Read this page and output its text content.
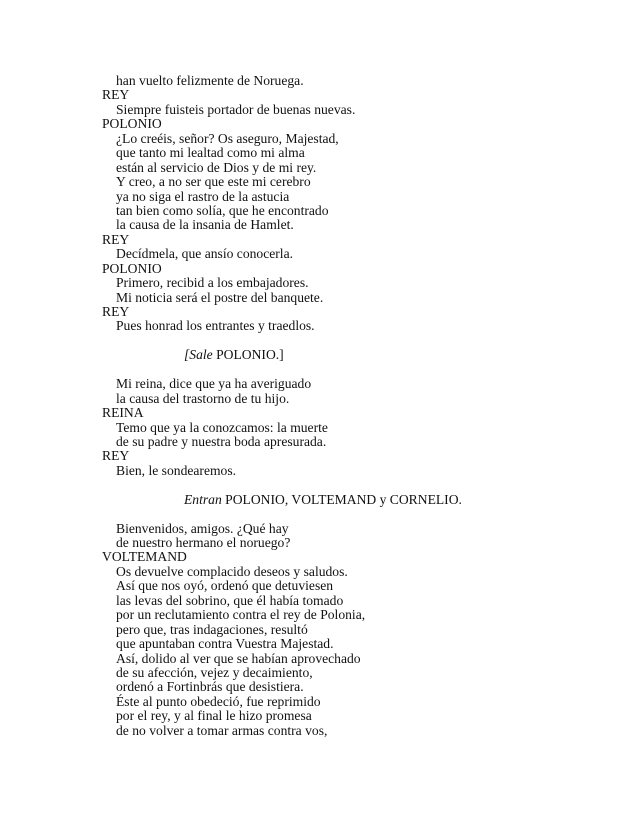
han vuelto felizmente de Noruega.
REY
Siempre fuisteis portador de buenas nuevas.
POLONIO
¿Lo creéis, señor? Os aseguro, Majestad,
que tanto mi lealtad como mi alma
están al servicio de Dios y de mi rey.
Y creo, a no ser que este mi cerebro
ya no siga el rastro de la astucia
tan bien como solía, que he encontrado
la causa de la insania de Hamlet.
REY
Decídmela, que ansío conocerla.
POLONIO
Primero, recibid a los embajadores.
Mi noticia será el postre del banquete.
REY
Pues honrad los entrantes y traedlos.
[Sale POLONIO.]
Mi reina, dice que ya ha averiguado
la causa del trastorno de tu hijo.
REINA
Temo que ya la conozcamos: la muerte
de su padre y nuestra boda apresurada.
REY
Bien, le sondearemos.
Entran POLONIO, VOLTEMAND y CORNELIO.
Bienvenidos, amigos. ¿Qué hay
de nuestro hermano el noruego?
VOLTEMAND
Os devuelve complacido deseos y saludos.
Así que nos oyó, ordenó que detuviesen
las levas del sobrino, que él había tomado
por un reclutamiento contra el rey de Polonia,
pero que, tras indagaciones, resultó
que apuntaban contra Vuestra Majestad.
Así, dolido al ver que se habían aprovechado
de su afección, vejez y decaimiento,
ordenó a Fortinbrás que desistiera.
Éste al punto obedeció, fue reprimido
por el rey, y al final le hizo promesa
de no volver a tomar armas contra vos,
